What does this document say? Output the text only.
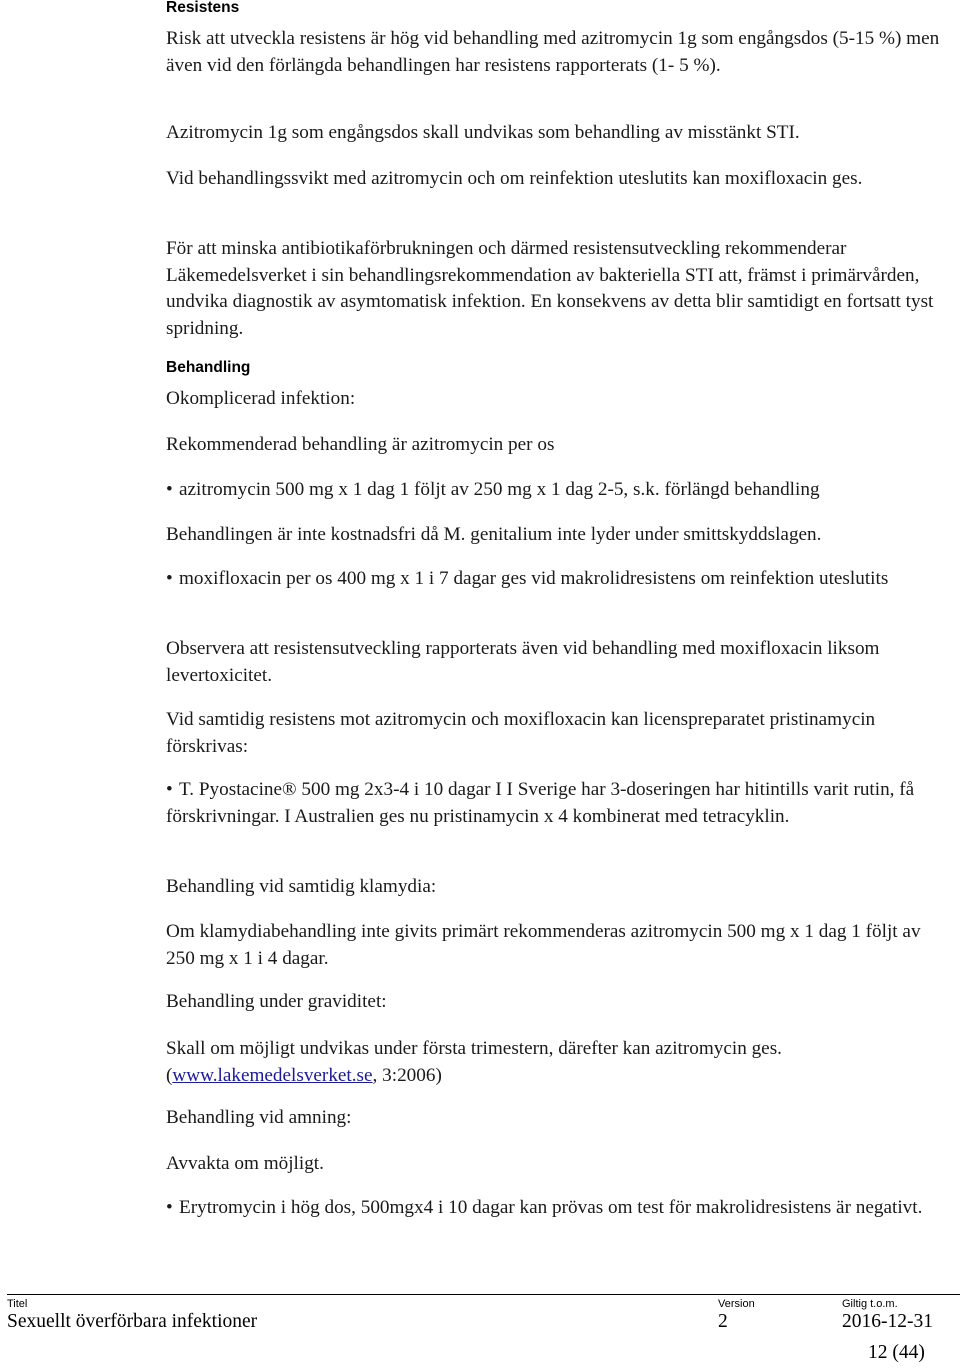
Resistens
Risk att utveckla resistens är hög vid behandling med azitromycin 1g som engångsdos (5-15 %) men även vid den förlängda behandlingen har resistens rapporterats (1- 5 %).
Azitromycin 1g som engångsdos skall undvikas som behandling av misstänkt STI.
Vid behandlingssvikt med azitromycin och om reinfektion uteslutits kan moxifloxacin ges.
För att minska antibiotikaförbrukningen och därmed resistensutveckling rekommenderar Läkemedelsverket i sin behandlingsrekommendation av bakteriella STI att, främst i primärvården, undvika diagnostik av asymtomatisk infektion. En konsekvens av detta blir samtidigt en fortsatt tyst spridning.
Behandling
Okomplicerad infektion:
Rekommenderad behandling är azitromycin per os
• azitromycin 500 mg x 1 dag 1 följt av 250 mg x 1 dag 2-5, s.k. förlängd behandling
Behandlingen är inte kostnadsfri då M. genitalium inte lyder under smittskyddslagen.
• moxifloxacin per os 400 mg x 1 i 7 dagar ges vid makrolidresistens om reinfektion uteslutits
Observera att resistensutveckling rapporterats även vid behandling med moxifloxacin liksom levertoxicitet.
Vid samtidig resistens mot azitromycin och moxifloxacin kan licenspreparatet pristinamycin förskrivas:
• T. Pyostacine® 500 mg 2x3-4 i 10 dagar I I Sverige har 3-doseringen har hitintills varit rutin, få förskrivningar. I Australien ges nu pristinamycin x 4 kombinerat med tetracyklin.
Behandling vid samtidig klamydia:
Om klamydiabehandling inte givits primärt rekommenderas azitromycin 500 mg x 1 dag 1 följt av 250 mg x 1 i 4 dagar.
Behandling under graviditet:
Skall om möjligt undvikas under första trimestern, därefter kan azitromycin ges. (www.lakemedelsverket.se, 3:2006)
Behandling vid amning:
Avvakta om möjligt.
• Erytromycin i hög dos, 500mgx4 i 10 dagar kan prövas om test för makrolidresistens är negativt.
Titel
Sexuellt överförbara infektioner
Version
2
Giltig t.o.m.
2016-12-31
12 (44)
